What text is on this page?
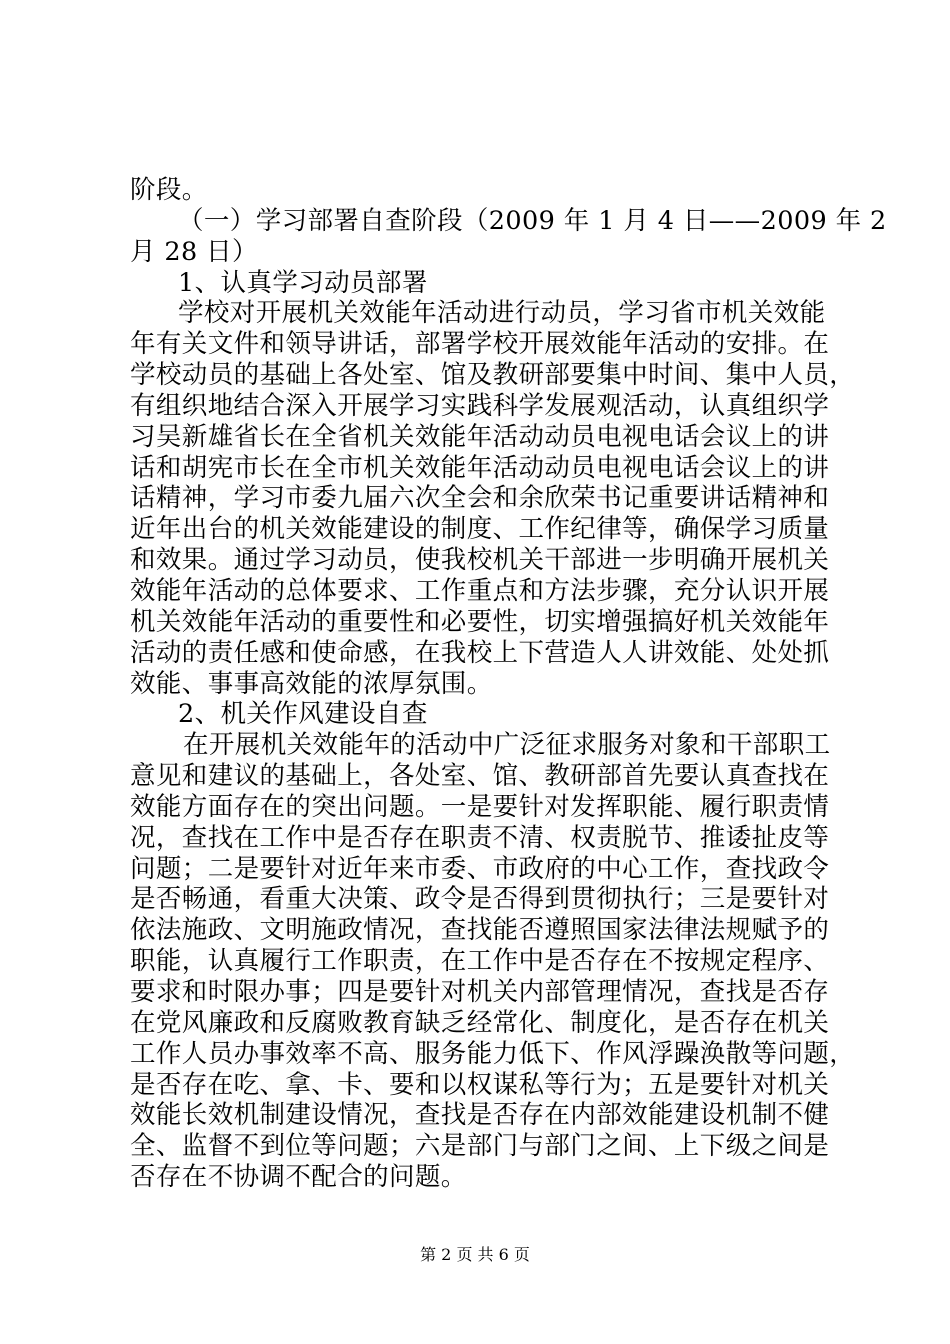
阶段。
（一）学习部署自查阶段（2009 年 1 月 4 日——2009 年 2
月 28 日）
1、认真学习动员部署
学校对开展机关效能年活动进行动员，学习省市机关效能
年有关文件和领导讲话，部署学校开展效能年活动的安排。在
学校动员的基础上各处室、馆及教研部要集中时间、集中人员，
有组织地结合深入开展学习实践科学发展观活动，认真组织学
习吴新雄省长在全省机关效能年活动动员电视电话会议上的讲
话和胡宪市长在全市机关效能年活动动员电视电话会议上的讲
话精神，学习市委九届六次全会和余欣荣书记重要讲话精神和
近年出台的机关效能建设的制度、工作纪律等，确保学习质量
和效果。通过学习动员，使我校机关干部进一步明确开展机关
效能年活动的总体要求、工作重点和方法步骤，充分认识开展
机关效能年活动的重要性和必要性，切实增强搞好机关效能年
活动的责任感和使命感，在我校上下营造人人讲效能、处处抓
效能、事事高效能的浓厚氛围。
2、机关作风建设自查
在开展机关效能年的活动中广泛征求服务对象和干部职工
意见和建议的基础上，各处室、馆、教研部首先要认真查找在
效能方面存在的突出问题。一是要针对发挥职能、履行职责情
况，查找在工作中是否存在职责不清、权责脱节、推诿扯皮等
问题；二是要针对近年来市委、市政府的中心工作，查找政令
是否畅通，看重大决策、政令是否得到贯彻执行；三是要针对
依法施政、文明施政情况，查找能否遵照国家法律法规赋予的
职能，认真履行工作职责，在工作中是否存在不按规定程序、
要求和时限办事；四是要针对机关内部管理情况，查找是否存
在党风廉政和反腐败教育缺乏经常化、制度化，是否存在机关
工作人员办事效率不高、服务能力低下、作风浮躁涣散等问题，
是否存在吃、拿、卡、要和以权谋私等行为；五是要针对机关
效能长效机制建设情况，查找是否存在内部效能建设机制不健
第 2 页 共 6 页
全、监督不到位等问题；六是部门与部门之间、上下级之间是
否存在不协调不配合的问题。
